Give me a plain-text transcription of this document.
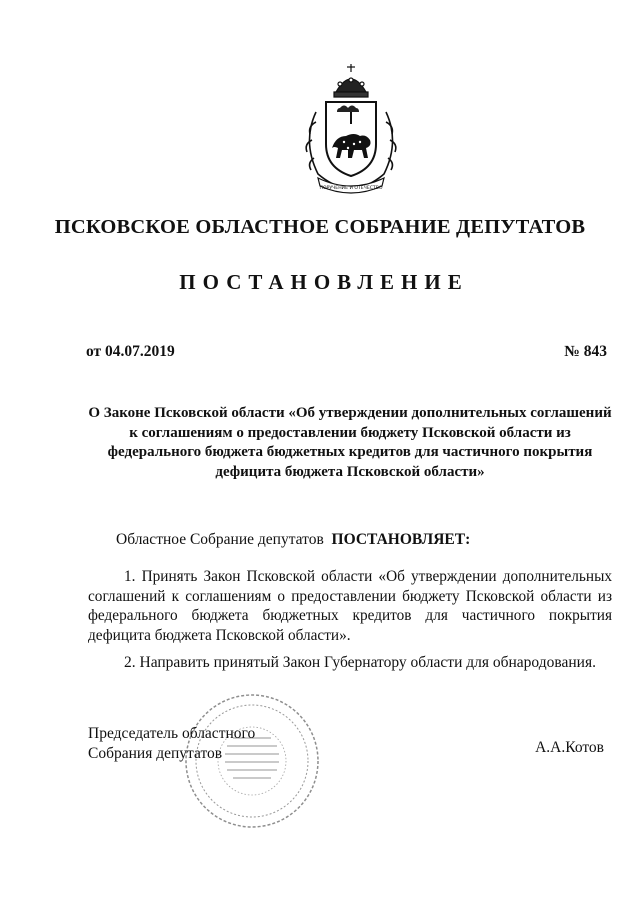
ПОРУЧЕНИЕ И ОТЕЧЕСТВО
ПСКОВСКОЕ ОБЛАСТНОЕ СОБРАНИЕ ДЕПУТАТОВ
ПОСТАНОВЛЕНИЕ
от 04.07.2019	№ 843
О Законе Псковской области «Об утверждении дополнительных соглашений к соглашениям о предоставлении бюджету Псковской области из федерального бюджета бюджетных кредитов для частичного покрытия дефицита бюджета Псковской области»
Областное Собрание депутатов ПОСТАНОВЛЯЕТ:
1. Принять Закон Псковской области «Об утверждении дополнительных соглашений к соглашениям о предоставлении бюджету Псковской области из федерального бюджета бюджетных кредитов для частичного покрытия дефицита бюджета Псковской области».
2. Направить принятый Закон Губернатору области для обнародования.
Председатель областного
Собрания депутатов	А.А.Котов
